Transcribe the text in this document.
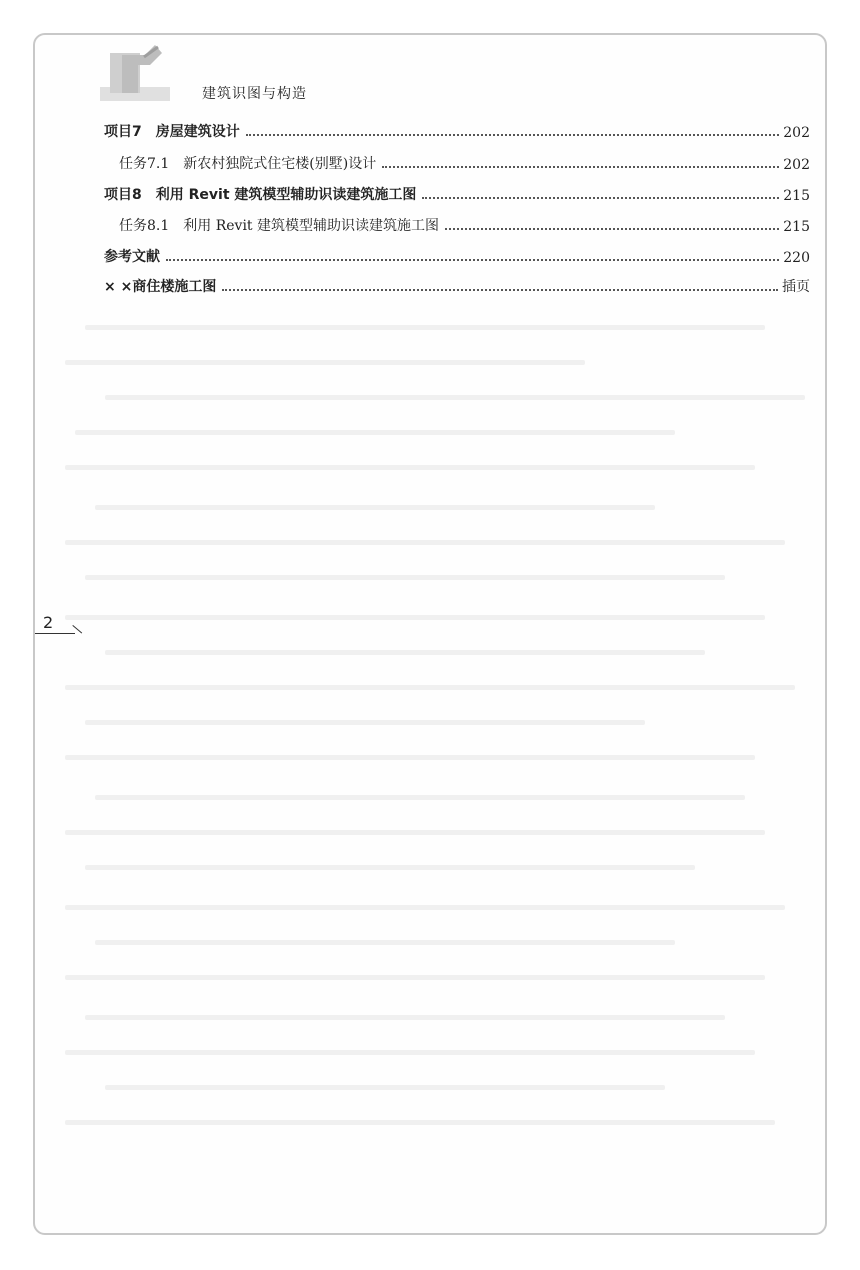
建筑识图与构造
项目7 房屋建筑设计	202
任务7.1 新农村独院式住宅楼(别墅)设计	202
项目8 利用 Revit 建筑模型辅助识读建筑施工图	215
任务8.1 利用 Revit 建筑模型辅助识读建筑施工图	215
参考文献	220
× ×商住楼施工图	插页
2
